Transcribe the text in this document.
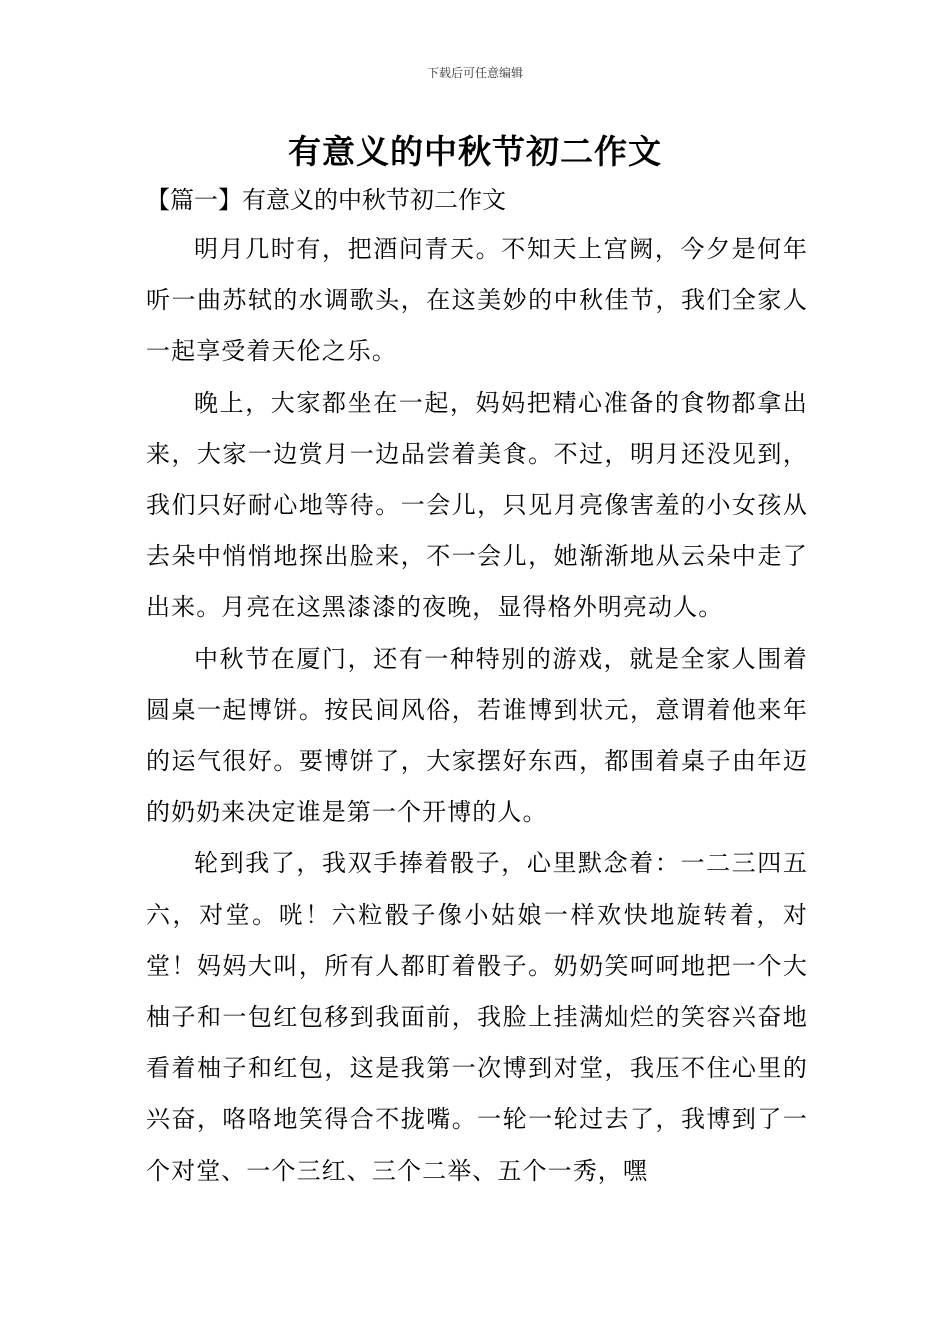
下载后可任意编辑
有意义的中秋节初二作文
【篇一】有意义的中秋节初二作文

明月几时有，把酒问青天。不知天上宫阙，今夕是何年听一曲苏轼的水调歌头，在这美妙的中秋佳节，我们全家人一起享受着天伦之乐。

晚上，大家都坐在一起，妈妈把精心准备的食物都拿出来，大家一边赏月一边品尝着美食。不过，明月还没见到，我们只好耐心地等待。一会儿，只见月亮像害羞的小女孩从去朵中悄悄地探出脸来，不一会儿，她渐渐地从云朵中走了出来。月亮在这黑漆漆的夜晚，显得格外明亮动人。

中秋节在厦门，还有一种特别的游戏，就是全家人围着圆桌一起博饼。按民间风俗，若谁博到状元，意谓着他来年的运气很好。要博饼了，大家摆好东西，都围着桌子由年迈的奶奶来决定谁是第一个开博的人。

轮到我了，我双手捧着骰子，心里默念着：一二三四五六，对堂。咣！六粒骰子像小姑娘一样欢快地旋转着，对堂！妈妈大叫，所有人都盯着骰子。奶奶笑呵呵地把一个大柚子和一包红包移到我面前，我脸上挂满灿烂的笑容兴奋地看着柚子和红包，这是我第一次博到对堂，我压不住心里的兴奋，咯咯地笑得合不拢嘴。一轮一轮过去了，我博到了一个对堂、一个三红、三个二举、五个一秀，嘿
